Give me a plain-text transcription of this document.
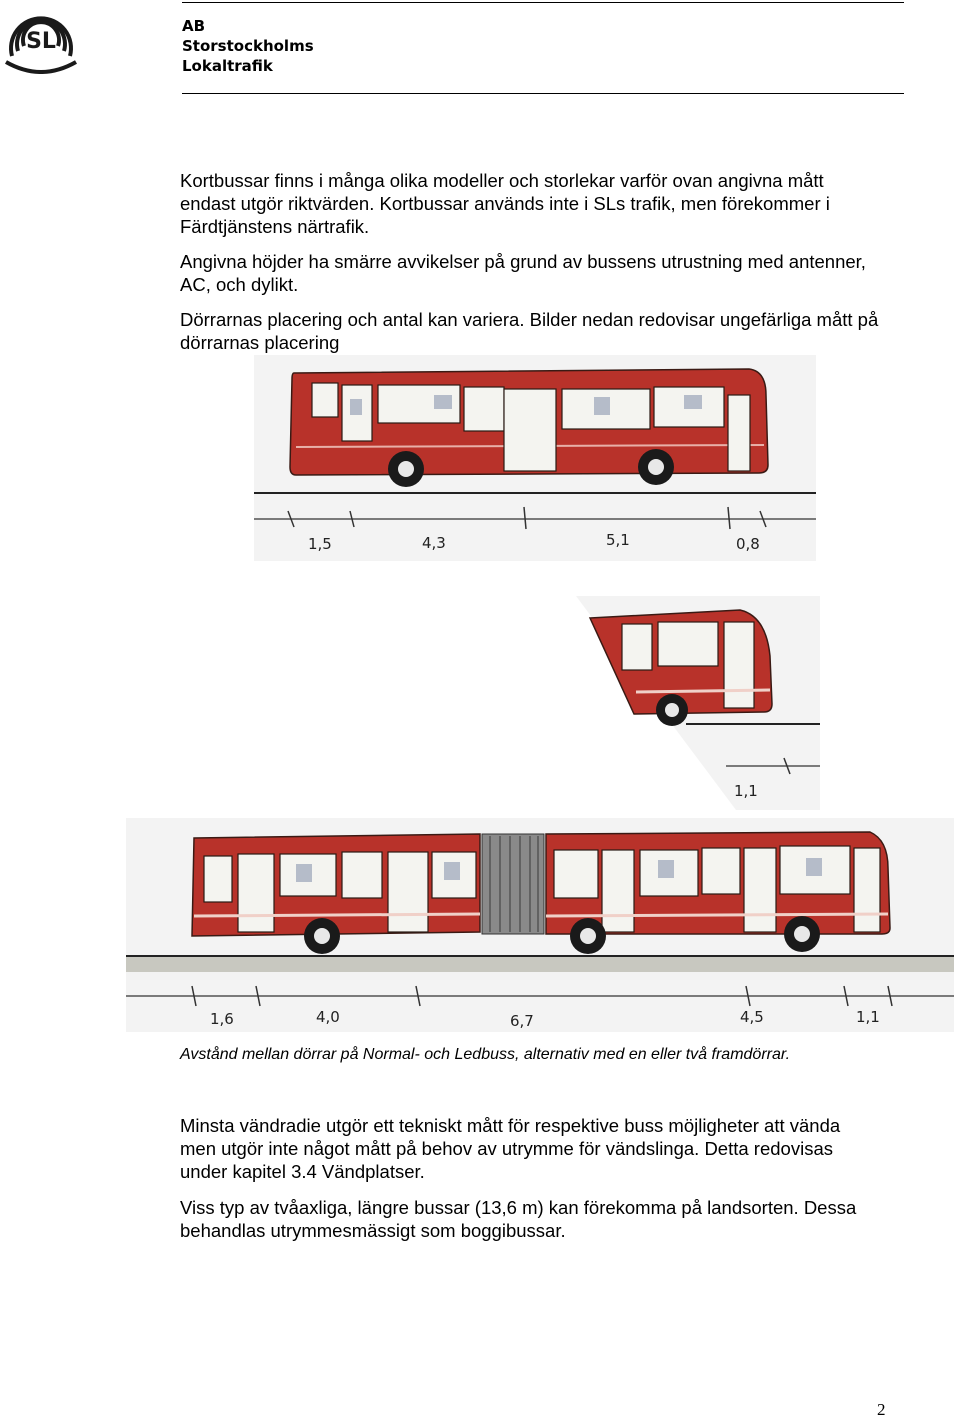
SL
AB
Storstockholms
Lokaltrafik

Kortbussar finns i många olika modeller och storlekar varför ovan angivna mått endast utgör riktvärden. Kortbussar används inte i SLs trafik, men förekommer i Färdtjänstens närtrafik.

Angivna höjder ha smärre avvikelser på grund av bussens utrustning med antenner, AC, och dylikt.

Dörrarnas placering och antal kan variera. Bilder nedan redovisar ungefärliga mått på dörrarnas placering

1,5	4,3	5,1	0,8
1,1
1,6	4,0	6,7	4,5	1,1
Avstånd mellan dörrar på Normal- och Ledbuss, alternativ med en eller två framdörrar.

Minsta vändradie utgör ett tekniskt mått för respektive buss möjligheter att vända men utgör inte något mått på behov av utrymme för vändslinga. Detta redovisas under kapitel 3.4 Vändplatser.

Viss typ av tvåaxliga, längre bussar (13,6 m) kan förekomma på landsorten. Dessa behandlas utrymmesmässigt som boggibussar.

2
